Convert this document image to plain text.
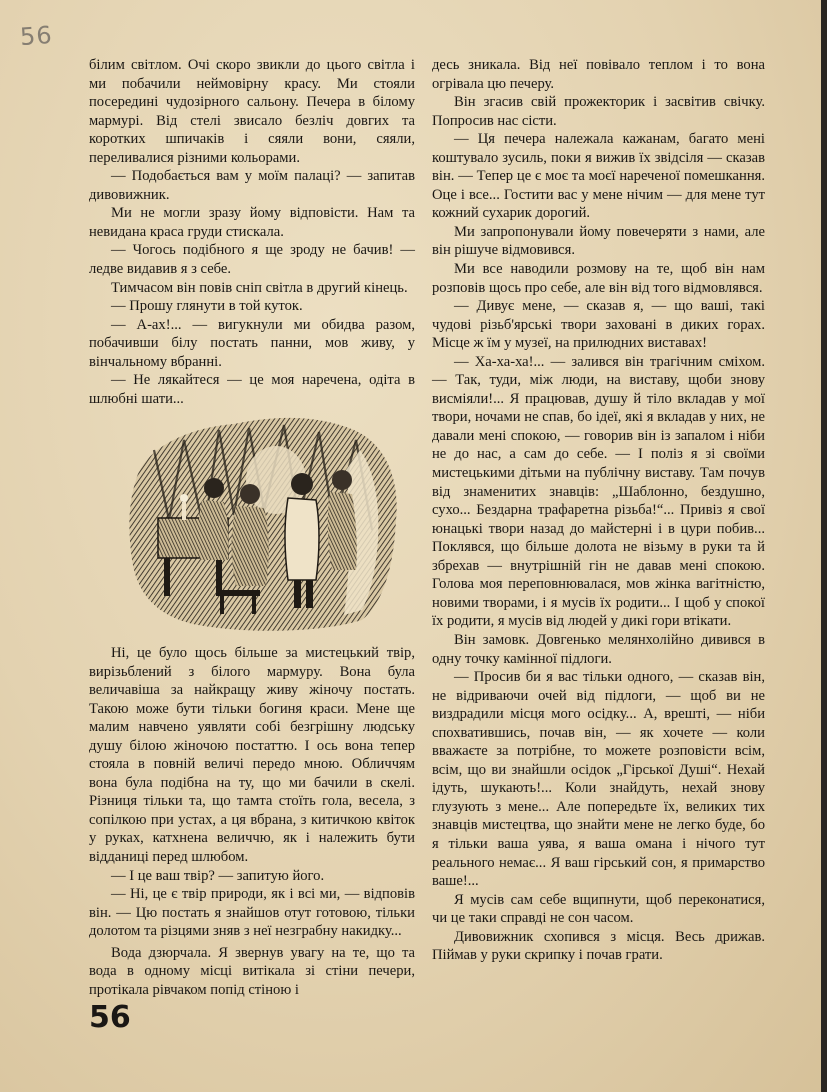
56

білим світлом. Очі скоро звикли до цього світла і ми побачили неймовірну красу. Ми стояли посередині чудозірного сальону. Печера в білому мармурі. Від стелі звисало безліч довгих та коротких шпичаків і сяяли вони, сяяли, переливалися різними кольорами.

— Подобається вам у моїм палаці? — запитав дивовижник.

Ми не могли зразу йому відповісти. Нам та невидана краса груди стискала.

— Чогось подібного я ще зроду не бачив! — ледве видавив я з себе.

Тимчасом він повів сніп світла в другий кінець.

— Прошу глянути в той куток.

— А-ах!... — вигукнули ми обидва разом, побачивши білу постать панни, мов живу, у вінчальному вбранні.

— Не лякайтеся — це моя наречена, одіта в шлюбні шати...

Ні, це було щось більше за мистецький твір, вирізьблений з білого мармуру. Вона була величавіша за найкращу живу жіночу постать. Такою може бути тільки богиня краси. Мене ще малим навчено уявляти собі безгрішну людську душу білою жіночою постаттю. І ось вона тепер стояла в повній величі передо мною. Обличчям вона була подібна на ту, що ми бачили в скелі. Різниця тільки та, що тамта стоїть гола, весела, з сопілкою при устах, а ця вбрана, з китичкою квіток у руках, катхнена величчю, як і належить бути відданиці перед шлюбом.

— І це ваш твір? — запитую його.

— Ні, це є твір природи, як і всі ми, — відповів він. — Цю постать я знайшов отут готовою, тільки долотом та різцями зняв з неї незграбну накидку...

Вода дзюрчала. Я звернув увагу на те, що та вода в одному місці витікала зі стіни печери, протікала рівчаком попід стіною і

десь зникала. Від неї повівало теплом і то вона огрівала цю печеру.

Він згасив свій прожекторик і засвітив свічку. Попросив нас сісти.

— Ця печера належала кажанам, багато мені коштувало зусиль, поки я вижив їх звідсіля — сказав він. — Тепер це є моє та моєї нареченої помешкання. Оце і все... Гостити вас у мене нічим — для мене тут кожний сухарик дорогий.

Ми запропонували йому повечеряти з нами, але він рішуче відмовився.

Ми все наводили розмову на те, щоб він нам розповів щось про себе, але він від того відмовлявся.

— Дивує мене, — сказав я, — що ваші, такі чудові різьб'ярські твори заховані в диких горах. Місце ж їм у музеї, на прилюдних виставах!

— Ха-ха-ха!... — залився він трагічним сміхом. — Так, туди, між люди, на виставу, щоби знову висміяли!... Я працював, душу й тіло вкладав у мої твори, ночами не спав, бо ідеї, які я вкладав у них, не давали мені спокою, — говорив він із запалом і ніби не до нас, а сам до себе. — І поліз я зі своїми мистецькими дітьми на публічну виставу. Там почув від знаменитих знавців: „Шаблонно, бездушно, сухо... Бездарна трафаретна різьба!“... Привіз я свої юнацькі твори назад до майстерні і в цури побив... Поклявся, що більше долота не візьму в руки та й збрехав — внутрішній гін не давав мені спокою. Голова моя переповнювалася, мов жінка вагітністю, новими творами, і я мусів їх родити... І щоб у спокої їх родити, я мусів від людей у дикі гори втікати.

Він замовк. Довгенько мелянхолійно дивився в одну точку камінної підлоги.

— Просив би я вас тільки одного, — сказав він, не відриваючи очей від підлоги, — щоб ви не виздрадили місця мого осідку... А, врешті, — ніби спохватившись, почав він, — як хочете — коли вважаєте за потрібне, то можете розповісти всім, всім, що ви знайшли осідок „Гірської Душі“. Нехай ідуть, шукають!... Коли знайдуть, нехай знову глузують з мене... Але попередьте їх, великих тих знавців мистецтва, що знайти мене не легко буде, бо я тільки ваша уява, я ваша омана і нічого тут реального немає... Я ваш гірський сон, я примарство ваше!...

Я мусів сам себе вщипнути, щоб переконатися, чи це таки справді не сон часом.

Дивовижник схопився з місця. Весь дрижав. Піймав у руки скрипку і почав грати.

56
